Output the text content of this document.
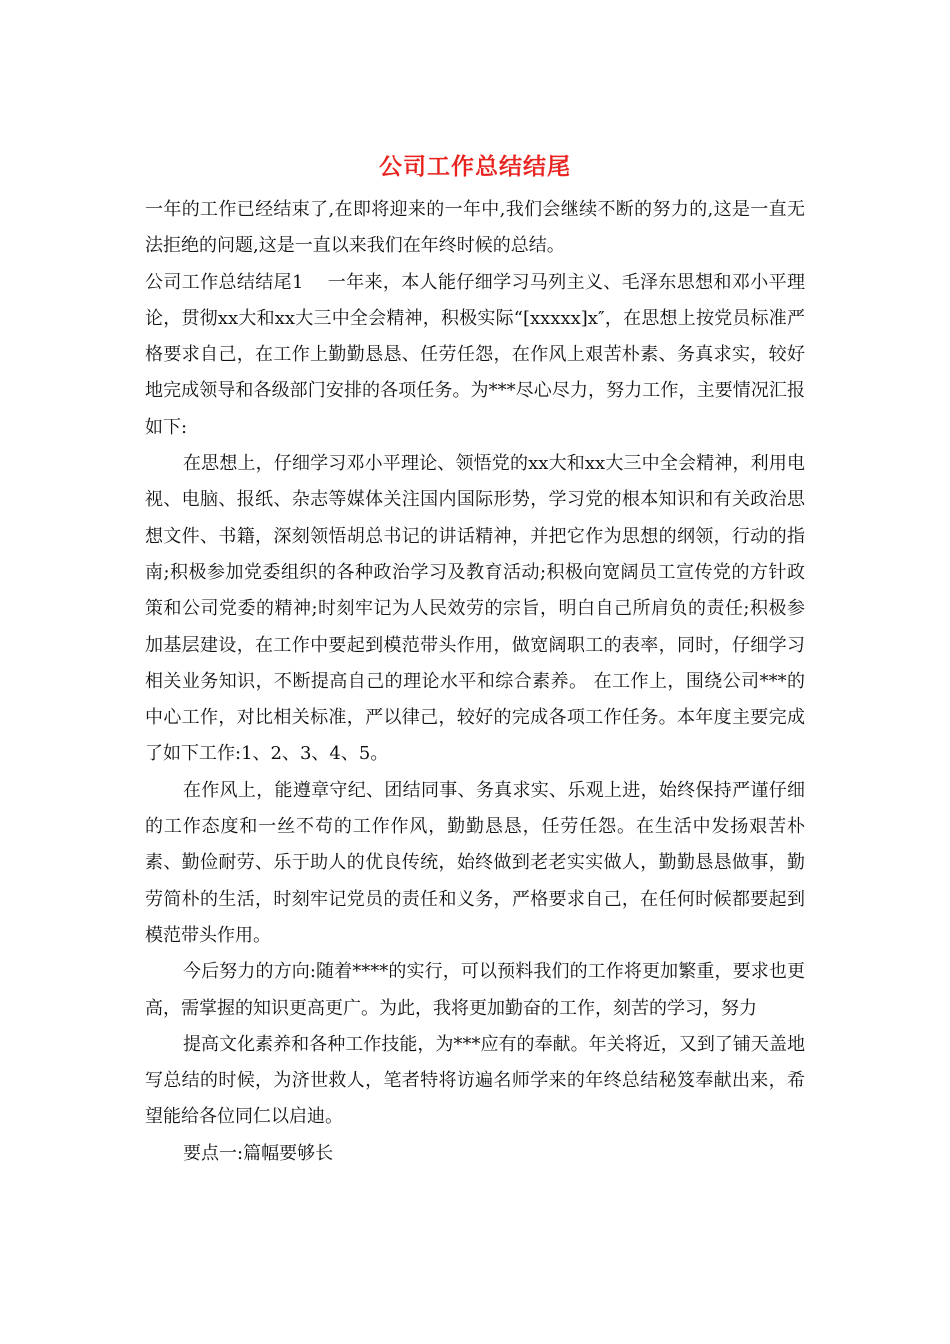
公司工作总结结尾

一年的工作已经结束了,在即将迎来的一年中,我们会继续不断的努力的,这是一直无法拒绝的问题,这是一直以来我们在年终时候的总结。

公司工作总结结尾1 一年来，本人能仔细学习马列主义、毛泽东思想和邓小平理论，贯彻xx大和xx大三中全会精神，积极实际“[xxxxx]x″，在思想上按党员标准严格要求自己，在工作上勤勤恳恳、任劳任怨，在作风上艰苦朴素、务真求实，较好地完成领导和各级部门安排的各项任务。为***尽心尽力，努力工作，主要情况汇报如下:

在思想上，仔细学习邓小平理论、领悟党的xx大和xx大三中全会精神，利用电视、电脑、报纸、杂志等媒体关注国内国际形势，学习党的根本知识和有关政治思想文件、书籍，深刻领悟胡总书记的讲话精神，并把它作为思想的纲领，行动的指南;积极参加党委组织的各种政治学习及教育活动;积极向宽阔员工宣传党的方针政策和公司党委的精神;时刻牢记为人民效劳的宗旨，明白自己所肩负的责任;积极参加基层建设，在工作中要起到模范带头作用，做宽阔职工的表率，同时，仔细学习相关业务知识，不断提高自己的理论水平和综合素养。 在工作上，围绕公司***的中心工作，对比相关标准，严以律己，较好的完成各项工作任务。本年度主要完成了如下工作:1、2、3、4、5。

在作风上，能遵章守纪、团结同事、务真求实、乐观上进，始终保持严谨仔细的工作态度和一丝不苟的工作作风，勤勤恳恳，任劳任怨。在生活中发扬艰苦朴素、勤俭耐劳、乐于助人的优良传统，始终做到老老实实做人，勤勤恳恳做事，勤劳简朴的生活，时刻牢记党员的责任和义务，严格要求自己，在任何时候都要起到模范带头作用。

今后努力的方向:随着****的实行，可以预料我们的工作将更加繁重，要求也更高，需掌握的知识更高更广。为此，我将更加勤奋的工作，刻苦的学习，努力

提高文化素养和各种工作技能，为***应有的奉献。年关将近，又到了铺天盖地写总结的时候，为济世救人，笔者特将访遍名师学来的年终总结秘笈奉献出来，希望能给各位同仁以启迪。

要点一:篇幅要够长
